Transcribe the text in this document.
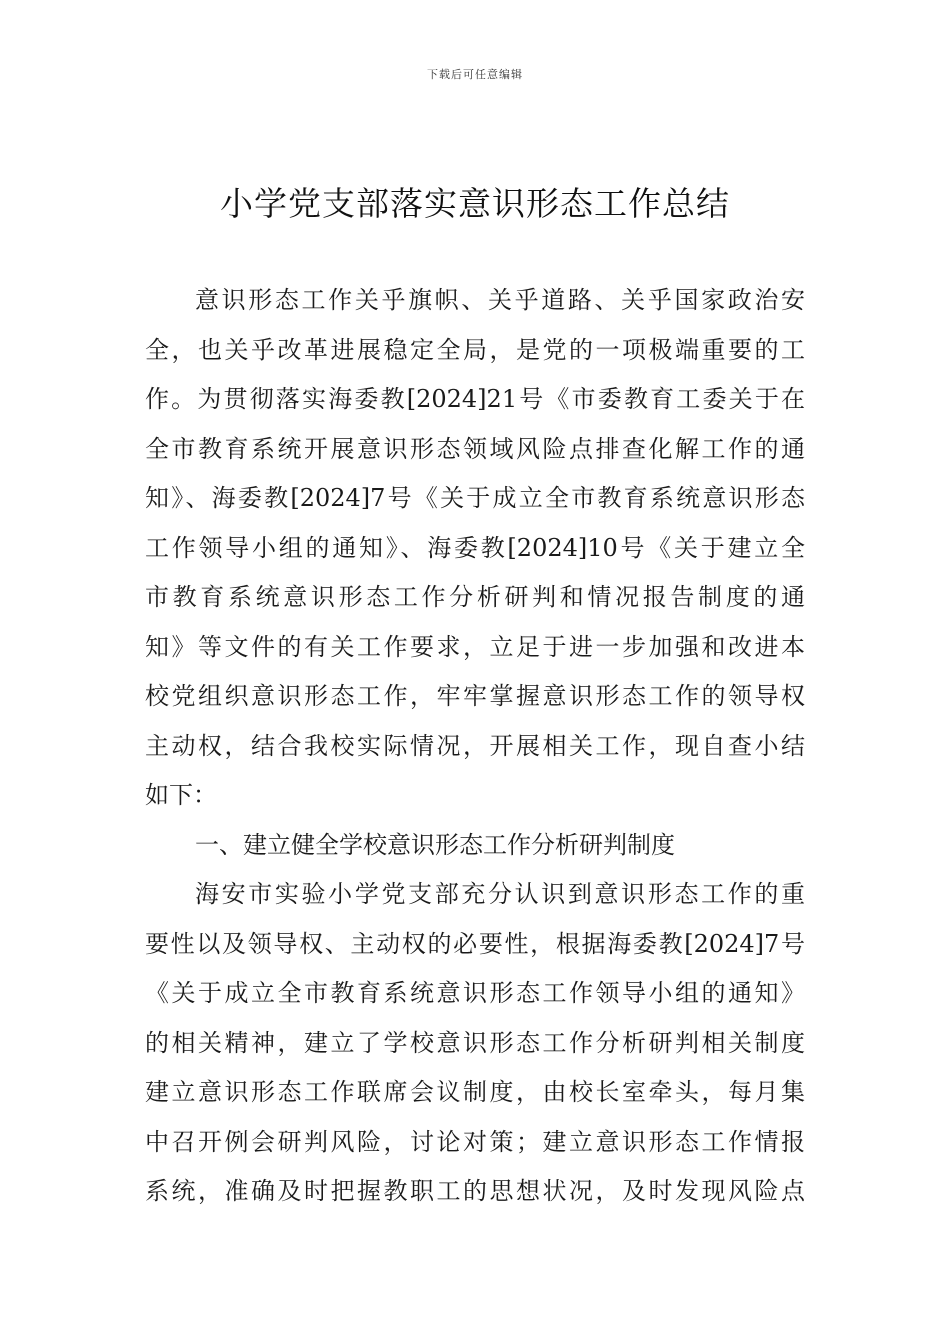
下载后可任意编辑
小学党支部落实意识形态工作总结
意识形态工作关乎旗帜、关乎道路、关乎国家政治安
全，也关乎改革进展稳定全局，是党的一项极端重要的工
作。为贯彻落实海委教[2024]21号《市委教育工委关于在
全市教育系统开展意识形态领域风险点排查化解工作的通
知》、海委教[2024]7号《关于成立全市教育系统意识形态
工作领导小组的通知》、海委教[2024]10号《关于建立全
市教育系统意识形态工作分析研判和情况报告制度的通
知》等文件的有关工作要求，立足于进一步加强和改进本
校党组织意识形态工作，牢牢掌握意识形态工作的领导权
主动权，结合我校实际情况，开展相关工作，现自查小结
如下：
一、建立健全学校意识形态工作分析研判制度
海安市实验小学党支部充分认识到意识形态工作的重
要性以及领导权、主动权的必要性，根据海委教[2024]7号
《关于成立全市教育系统意识形态工作领导小组的通知》
的相关精神，建立了学校意识形态工作分析研判相关制度
建立意识形态工作联席会议制度，由校长室牵头，每月集
中召开例会研判风险，讨论对策；建立意识形态工作情报
系统，准确及时把握教职工的思想状况，及时发现风险点
